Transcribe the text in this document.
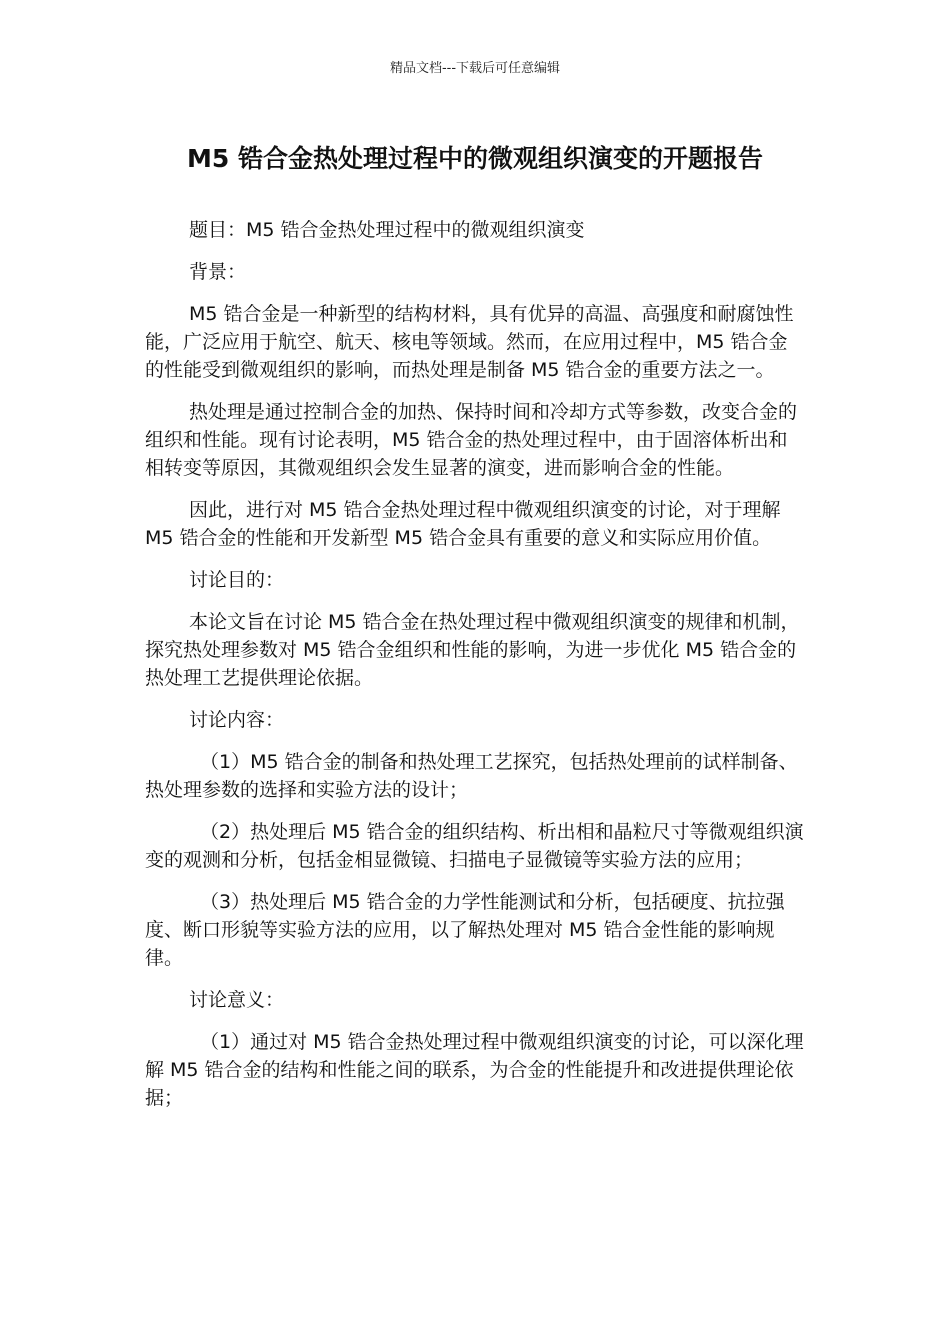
精品文档---下载后可任意编辑
M5 锆合金热处理过程中的微观组织演变的开题报告

题目：M5 锆合金热处理过程中的微观组织演变

背景：

M5 锆合金是一种新型的结构材料，具有优异的高温、高强度和耐腐蚀性能，广泛应用于航空、航天、核电等领域。然而，在应用过程中，M5 锆合金的性能受到微观组织的影响，而热处理是制备 M5 锆合金的重要方法之一。

热处理是通过控制合金的加热、保持时间和冷却方式等参数，改变合金的组织和性能。现有讨论表明，M5 锆合金的热处理过程中，由于固溶体析出和相转变等原因，其微观组织会发生显著的演变，进而影响合金的性能。

因此，进行对 M5 锆合金热处理过程中微观组织演变的讨论，对于理解 M5 锆合金的性能和开发新型 M5 锆合金具有重要的意义和实际应用价值。

讨论目的：

本论文旨在讨论 M5 锆合金在热处理过程中微观组织演变的规律和机制，探究热处理参数对 M5 锆合金组织和性能的影响，为进一步优化 M5 锆合金的热处理工艺提供理论依据。

讨论内容：

（1）M5 锆合金的制备和热处理工艺探究，包括热处理前的试样制备、热处理参数的选择和实验方法的设计；

（2）热处理后 M5 锆合金的组织结构、析出相和晶粒尺寸等微观组织演变的观测和分析，包括金相显微镜、扫描电子显微镜等实验方法的应用；

（3）热处理后 M5 锆合金的力学性能测试和分析，包括硬度、抗拉强度、断口形貌等实验方法的应用，以了解热处理对 M5 锆合金性能的影响规律。

讨论意义：

（1）通过对 M5 锆合金热处理过程中微观组织演变的讨论，可以深化理解 M5 锆合金的结构和性能之间的联系，为合金的性能提升和改进提供理论依据；
